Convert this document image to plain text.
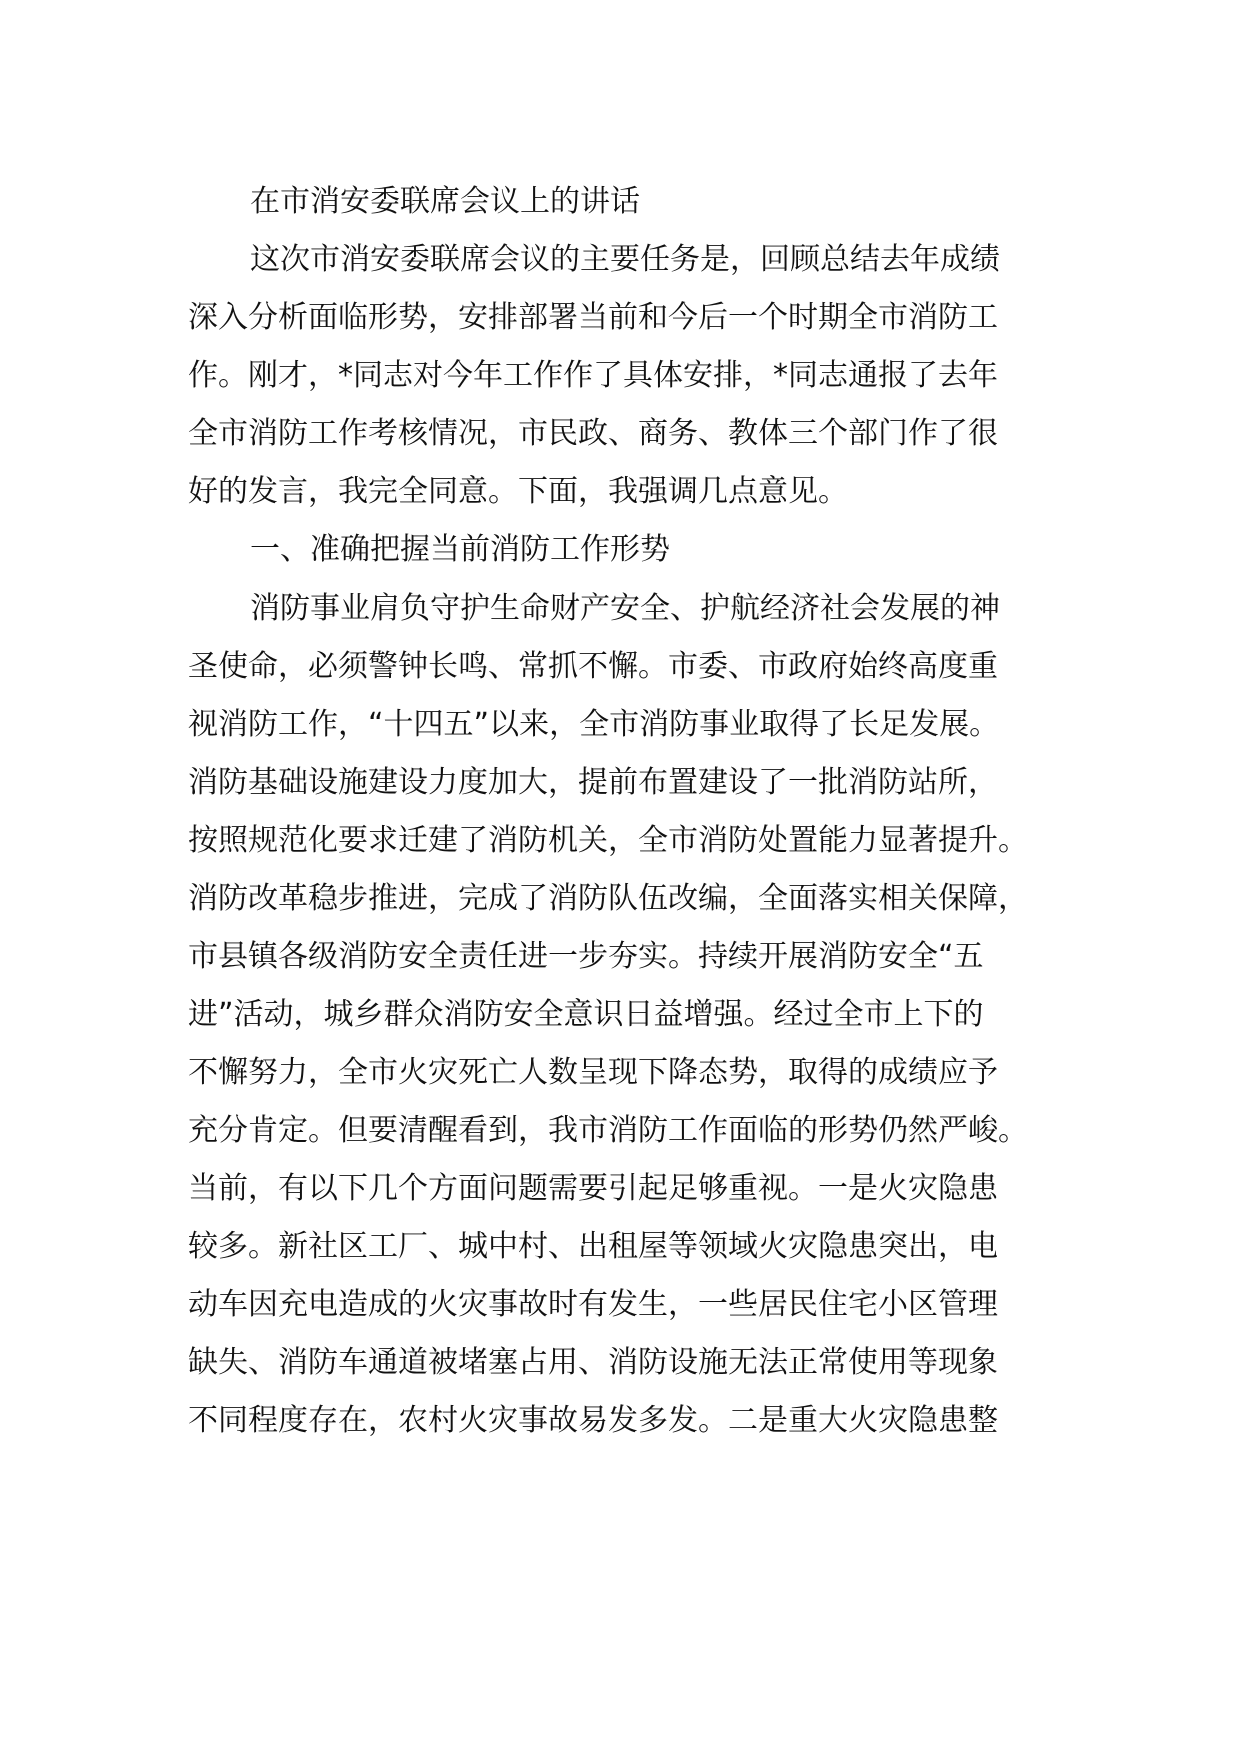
在市消安委联席会议上的讲话
这次市消安委联席会议的主要任务是，回顾总结去年成绩
深入分析面临形势，安排部署当前和今后一个时期全市消防工
作。刚才，*同志对今年工作作了具体安排，*同志通报了去年
全市消防工作考核情况，市民政、商务、教体三个部门作了很
好的发言，我完全同意。下面，我强调几点意见。
一、准确把握当前消防工作形势
消防事业肩负守护生命财产安全、护航经济社会发展的神
圣使命，必须警钟长鸣、常抓不懈。市委、市政府始终高度重
视消防工作，“十四五”以来，全市消防事业取得了长足发展。
消防基础设施建设力度加大，提前布置建设了一批消防站所，
按照规范化要求迁建了消防机关，全市消防处置能力显著提升。
消防改革稳步推进，完成了消防队伍改编，全面落实相关保障，
市县镇各级消防安全责任进一步夯实。持续开展消防安全“五
进”活动，城乡群众消防安全意识日益增强。经过全市上下的
不懈努力，全市火灾死亡人数呈现下降态势，取得的成绩应予
充分肯定。但要清醒看到，我市消防工作面临的形势仍然严峻。
当前，有以下几个方面问题需要引起足够重视。一是火灾隐患
较多。新社区工厂、城中村、出租屋等领域火灾隐患突出，电
动车因充电造成的火灾事故时有发生，一些居民住宅小区管理
缺失、消防车通道被堵塞占用、消防设施无法正常使用等现象
不同程度存在，农村火灾事故易发多发。二是重大火灾隐患整
